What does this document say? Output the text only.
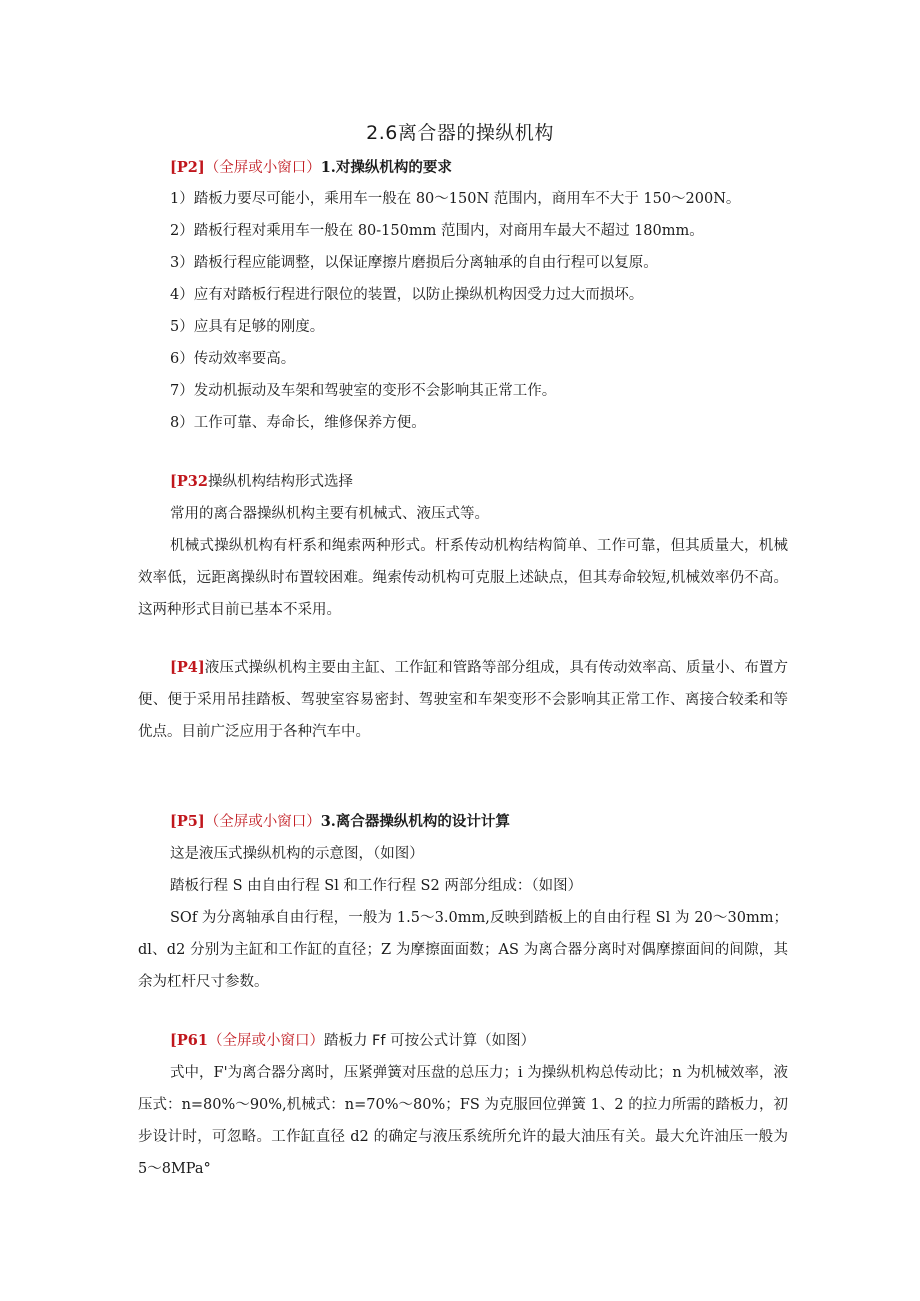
2.6离合器的操纵机构
[P2]（全屏或小窗口）1.对操纵机构的要求
1）踏板力要尽可能小，乘用车一般在 80～150N 范围内，商用车不大于 150～200N。
2）踏板行程对乘用车一般在 80-150mm 范围内，对商用车最大不超过 180mm。
3）踏板行程应能调整，以保证摩擦片磨损后分离轴承的自由行程可以复原。
4）应有对踏板行程进行限位的装置，以防止操纵机构因受力过大而损坏。
5）应具有足够的刚度。
6）传动效率要高。
7）发动机振动及车架和驾驶室的变形不会影响其正常工作。
8）工作可靠、寿命长，维修保养方便。
[P32操纵机构结构形式选择
常用的离合器操纵机构主要有机械式、液压式等。
机械式操纵机构有杆系和绳索两种形式。杆系传动机构结构简单、工作可靠，但其质量大，机械效率低，远距离操纵时布置较困难。绳索传动机构可克服上述缺点，但其寿命较短,机械效率仍不高。这两种形式目前已基本不采用。
[P4]液压式操纵机构主要由主缸、工作缸和管路等部分组成，具有传动效率高、质量小、布置方便、便于采用吊挂踏板、驾驶室容易密封、驾驶室和车架变形不会影响其正常工作、离接合较柔和等优点。目前广泛应用于各种汽车中。
[P5]（全屏或小窗口）3.离合器操纵机构的设计计算
这是液压式操纵机构的示意图，（如图）
踏板行程 S 由自由行程 Sl 和工作行程 S2 两部分组成：（如图）
SOf 为分离轴承自由行程，一般为 1.5～3.0mm,反映到踏板上的自由行程 Sl 为 20～30mm；dl、d2 分别为主缸和工作缸的直径；Z 为摩擦面面数；AS 为离合器分离时对偶摩擦面间的间隙，其余为杠杆尺寸参数。
[P61（全屏或小窗口）踏板力 Ff 可按公式计算（如图）
式中，F'为离合器分离时，压紧弹簧对压盘的总压力；i 为操纵机构总传动比；n 为机械效率，液压式：n=80%～90%,机械式：n=70%～80%；FS 为克服回位弹簧 1、2 的拉力所需的踏板力，初步设计时，可忽略。工作缸直径 d2 的确定与液压系统所允许的最大油压有关。最大允许油压一般为 5～8MPa°
